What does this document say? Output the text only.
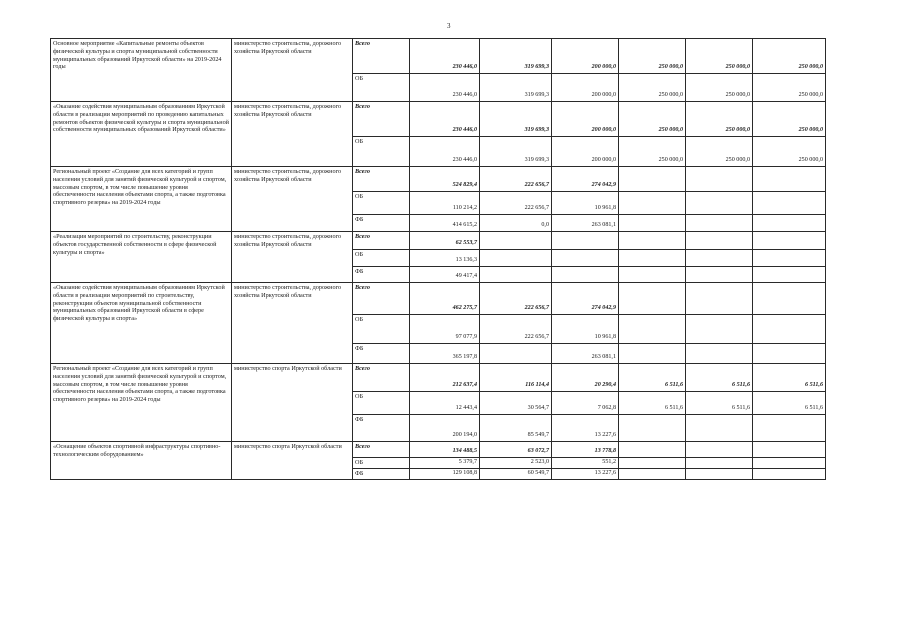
3
Основное мероприятие «Капитальные ремонты объектов физической культуры и спорта муниципальной собственности муниципальных образований Иркутской области» на 2019-2024 годы	министерство строительства, дорожного хозяйства Иркутской области	Всего	230 446,0	319 699,3	200 000,0	250 000,0	250 000,0	250 000,0
		ОБ	230 446,0	319 699,3	200 000,0	250 000,0	250 000,0	250 000,0
«Оказание содействия муниципальным образованиям Иркутской области в реализации мероприятий по проведению капитальных ремонтов объектов физической культуры и спорта муниципальной собственности муниципальных образований Иркутской области»	министерство строительства, дорожного хозяйства Иркутской области	Всего	230 446,0	319 699,3	200 000,0	250 000,0	250 000,0	250 000,0
		ОБ	230 446,0	319 699,3	200 000,0	250 000,0	250 000,0	250 000,0
Региональный проект «Создание для всех категорий и групп населения условий для занятий физической культурой и спортом, массовым спортом, в том числе повышение уровня обеспеченности населения объектами спорта, а также подготовка спортивного резерва» на 2019-2024 годы	министерство строительства, дорожного хозяйства Иркутской области	Всего	524 829,4	222 656,7	274 042,9			
		ОБ	110 214,2	222 656,7	10 961,8			
		ФБ	414 615,2	0,0	263 081,1			
«Реализация мероприятий по строительству, реконструкции объектов государственной собственности в сфере физической культуры и спорта»	министерство строительства, дорожного хозяйства Иркутской области	Всего	62 553,7					
		ОБ	13 136,3					
		ФБ	49 417,4					
«Оказание содействия муниципальным образованиям Иркутской области в реализации мероприятий по строительству, реконструкции объектов муниципальной собственности муниципальных образований Иркутской области в сфере физической культуры и спорта»	министерство строительства, дорожного хозяйства Иркутской области	Всего	462 275,7	222 656,7	274 042,9			
		ОБ	97 077,9	222 656,7	10 961,8			
		ФБ	365 197,8		263 081,1			
Региональный проект «Создание для всех категорий и групп населения условий для занятий физической культурой и спортом, массовым спортом, в том числе повышение уровня обеспеченности населения объектами спорта, а также подготовка спортивного резерва» на 2019-2024 годы	министерство спорта Иркутской области	Всего	212 637,4	116 114,4	20 290,4	6 511,6	6 511,6	6 511,6
		ОБ	12 443,4	30 564,7	7 062,8	6 511,6	6 511,6	6 511,6
		ФБ	200 194,0	85 549,7	13 227,6			
«Оснащение объектов спортивной инфраструктуры спортивно-технологическим оборудованием»	министерство спорта Иркутской области	Всего	134 488,5	63 072,7	13 778,8			
		ОБ	5 379,7	2 523,0	551,2			
		ФБ	129 108,8	60 549,7	13 227,6			
